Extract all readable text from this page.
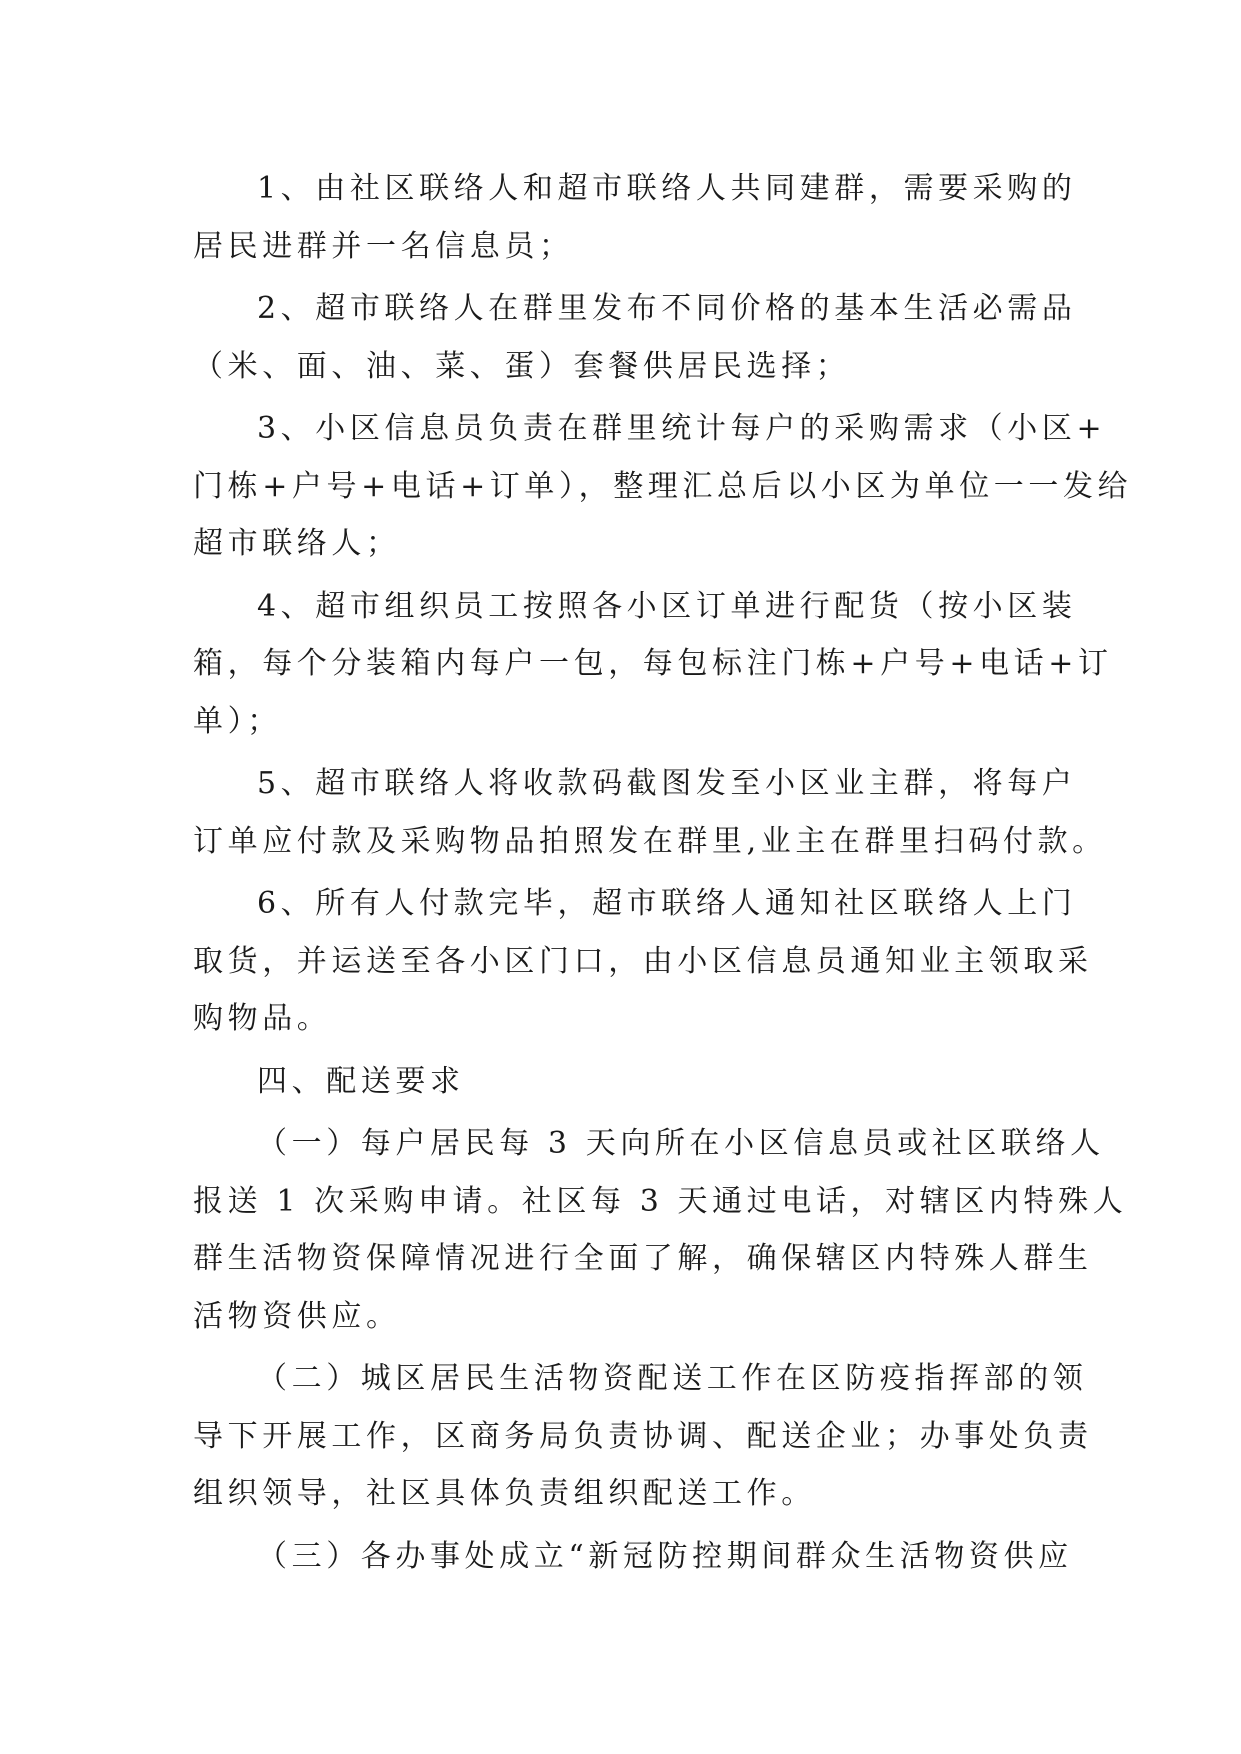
1、由社区联络人和超市联络人共同建群，需要采购的
居民进群并一名信息员；
2、超市联络人在群里发布不同价格的基本生活必需品
（米、面、油、菜、蛋）套餐供居民选择；
3、小区信息员负责在群里统计每户的采购需求（小区+
门栋+户号+电话+订单），整理汇总后以小区为单位一一发给
超市联络人；
4、超市组织员工按照各小区订单进行配货（按小区装
箱，每个分装箱内每户一包，每包标注门栋+户号+电话+订
单）；
5、超市联络人将收款码截图发至小区业主群，将每户
订单应付款及采购物品拍照发在群里,业主在群里扫码付款。
6、所有人付款完毕，超市联络人通知社区联络人上门
取货，并运送至各小区门口，由小区信息员通知业主领取采
购物品。
四、配送要求
（一）每户居民每 3 天向所在小区信息员或社区联络人
报送 1 次采购申请。社区每 3 天通过电话，对辖区内特殊人
群生活物资保障情况进行全面了解，确保辖区内特殊人群生
活物资供应。
（二）城区居民生活物资配送工作在区防疫指挥部的领
导下开展工作，区商务局负责协调、配送企业；办事处负责
组织领导，社区具体负责组织配送工作。
（三）各办事处成立“新冠防控期间群众生活物资供应
